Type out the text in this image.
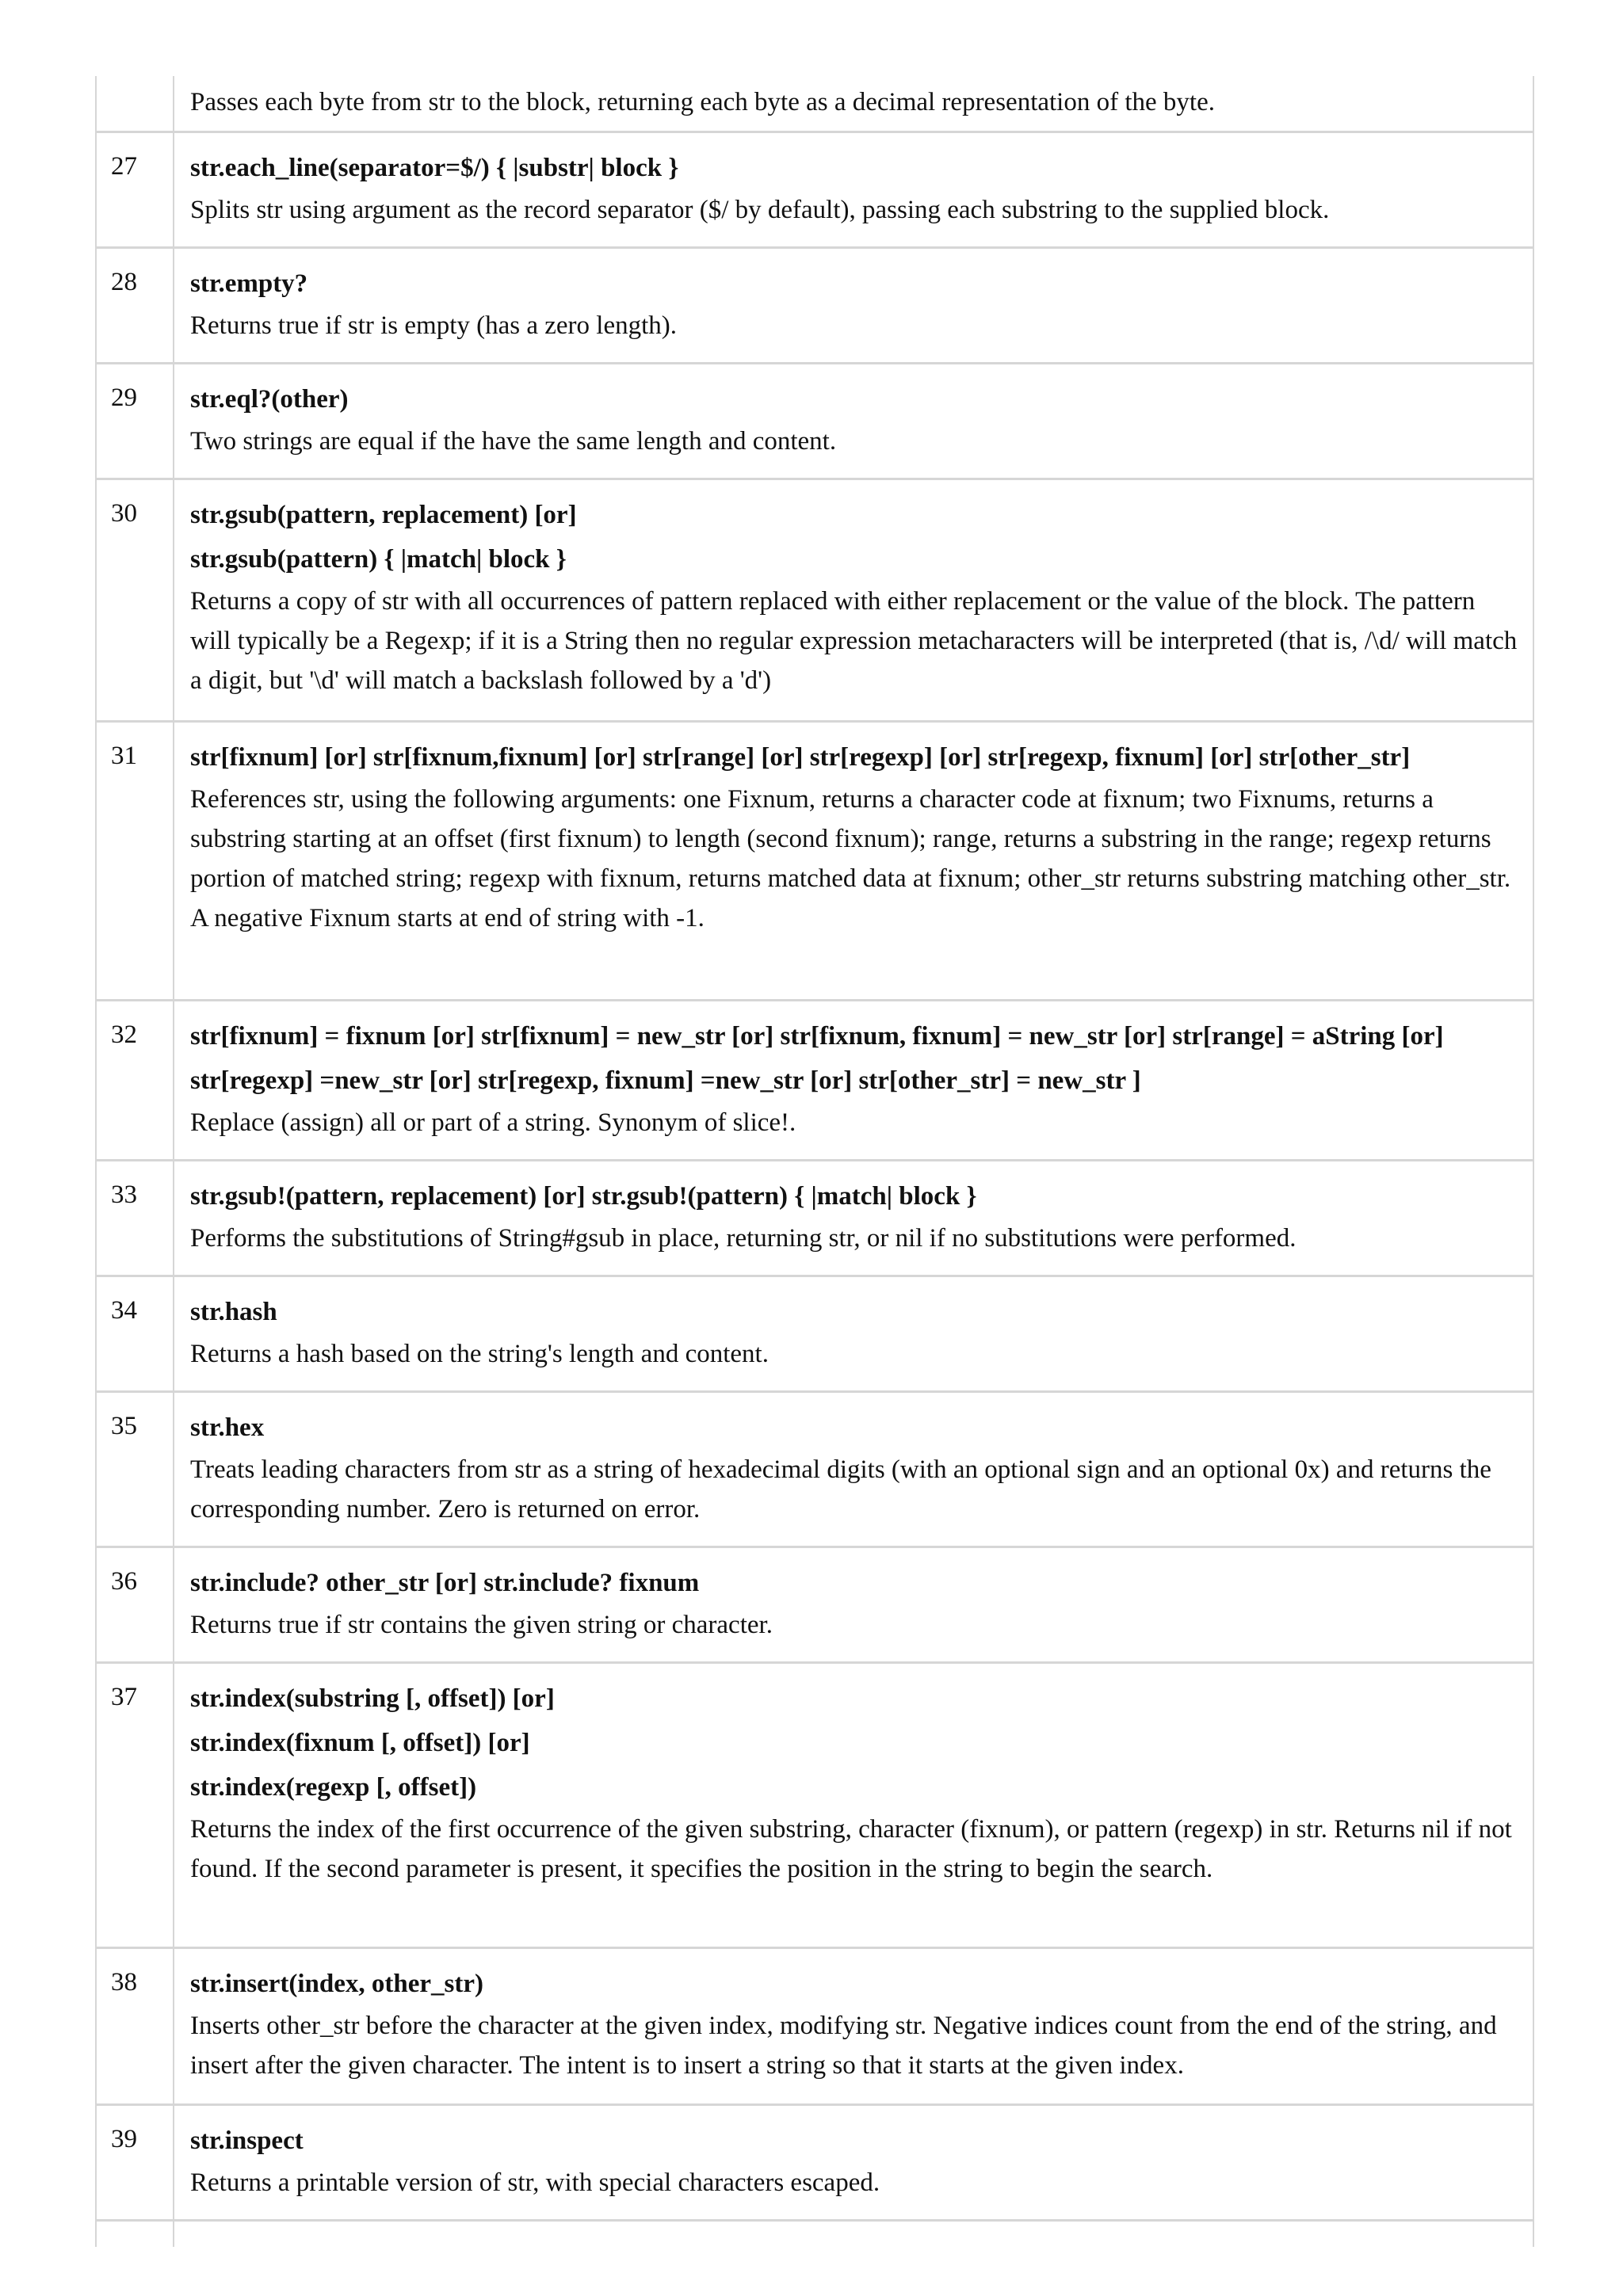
Passes each byte from str to the block, returning each byte as a decimal representation of the byte.
27 str.each_line(separator=$/) { |substr| block }
Splits str using argument as the record separator ($/ by default), passing each substring to the supplied block.
28 str.empty?
Returns true if str is empty (has a zero length).
29 str.eql?(other)
Two strings are equal if the have the same length and content.
30 str.gsub(pattern, replacement) [or]
str.gsub(pattern) { |match| block }
Returns a copy of str with all occurrences of pattern replaced with either replacement or the value of the block. The pattern will typically be a Regexp; if it is a String then no regular expression metacharacters will be interpreted (that is, /\d/ will match a digit, but '\d' will match a backslash followed by a 'd')
31 str[fixnum] [or] str[fixnum,fixnum] [or] str[range] [or] str[regexp] [or] str[regexp, fixnum] [or] str[other_str]
References str, using the following arguments: one Fixnum, returns a character code at fixnum; two Fixnums, returns a substring starting at an offset (first fixnum) to length (second fixnum); range, returns a substring in the range; regexp returns portion of matched string; regexp with fixnum, returns matched data at fixnum; other_str returns substring matching other_str. A negative Fixnum starts at end of string with -1.
32 str[fixnum] = fixnum [or] str[fixnum] = new_str [or] str[fixnum, fixnum] = new_str [or] str[range] = aString [or] str[regexp] =new_str [or] str[regexp, fixnum] =new_str [or] str[other_str] = new_str ]
Replace (assign) all or part of a string. Synonym of slice!.
33 str.gsub!(pattern, replacement) [or] str.gsub!(pattern) { |match| block }
Performs the substitutions of String#gsub in place, returning str, or nil if no substitutions were performed.
34 str.hash
Returns a hash based on the string's length and content.
35 str.hex
Treats leading characters from str as a string of hexadecimal digits (with an optional sign and an optional 0x) and returns the corresponding number. Zero is returned on error.
36 str.include? other_str [or] str.include? fixnum
Returns true if str contains the given string or character.
37 str.index(substring [, offset]) [or]
str.index(fixnum [, offset]) [or]
str.index(regexp [, offset])
Returns the index of the first occurrence of the given substring, character (fixnum), or pattern (regexp) in str. Returns nil if not found. If the second parameter is present, it specifies the position in the string to begin the search.
38 str.insert(index, other_str)
Inserts other_str before the character at the given index, modifying str. Negative indices count from the end of the string, and insert after the given character. The intent is to insert a string so that it starts at the given index.
39 str.inspect
Returns a printable version of str, with special characters escaped.
